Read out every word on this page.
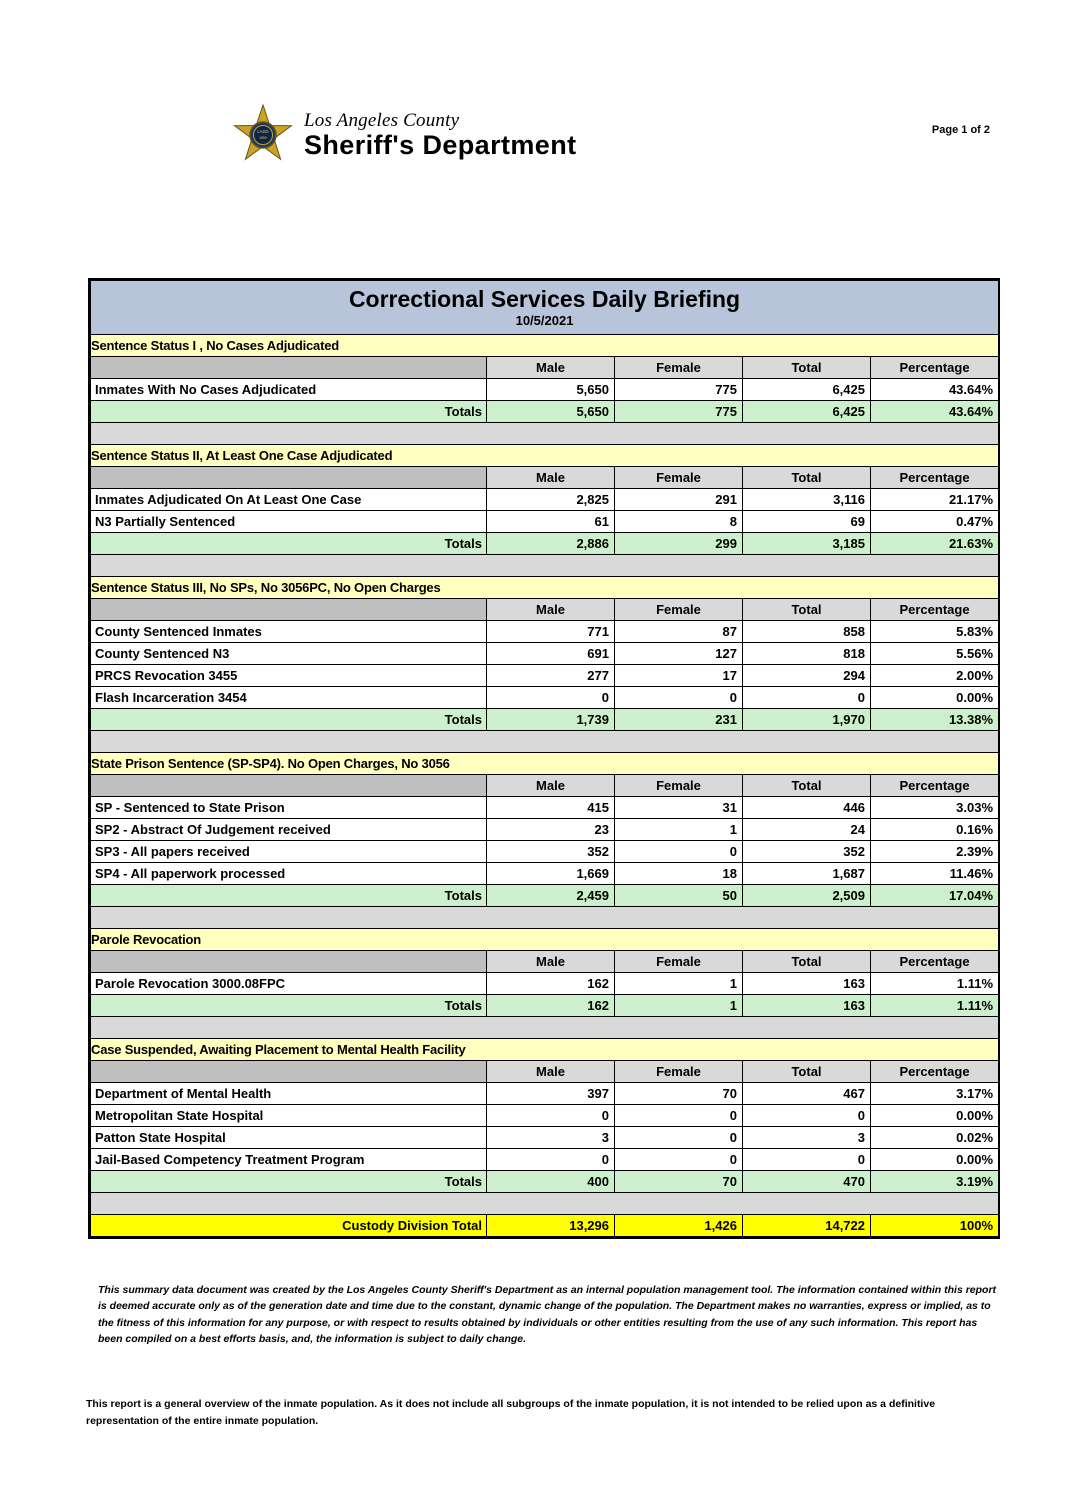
LASD
1850
Los Angeles County
Sheriff's Department	Page 1 of 2
Correctional Services Daily Briefing
10/5/2021				

Sentence Status I , No Cases Adjudicated				
	Male	Female	Total	Percentage
Inmates With No Cases Adjudicated	5,650	775	6,425	43.64%
Totals	5,650	775	6,425	43.64%

Sentence Status II, At Least One Case Adjudicated				
	Male	Female	Total	Percentage
Inmates Adjudicated On At Least One Case	2,825	291	3,116	21.17%
N3 Partially Sentenced	61	8	69	0.47%
Totals	2,886	299	3,185	21.63%

Sentence Status III, No SPs, No 3056PC, No Open Charges				
	Male	Female	Total	Percentage
County Sentenced Inmates	771	87	858	5.83%
County Sentenced N3	691	127	818	5.56%
PRCS Revocation 3455	277	17	294	2.00%
Flash Incarceration 3454	0	0	0	0.00%
Totals	1,739	231	1,970	13.38%

State Prison Sentence (SP-SP4). No Open Charges, No 3056				
	Male	Female	Total	Percentage
SP - Sentenced to State Prison	415	31	446	3.03%
SP2 - Abstract Of Judgement received	23	1	24	0.16%
SP3 - All papers received	352	0	352	2.39%
SP4 - All paperwork processed	1,669	18	1,687	11.46%
Totals	2,459	50	2,509	17.04%

Parole Revocation				
	Male	Female	Total	Percentage
Parole Revocation 3000.08FPC	162	1	163	1.11%
Totals	162	1	163	1.11%

Case Suspended, Awaiting Placement to Mental Health Facility				
	Male	Female	Total	Percentage
Department of Mental Health	397	70	467	3.17%
Metropolitan State Hospital	0	0	0	0.00%
Patton State Hospital	3	0	3	0.02%
Jail-Based Competency Treatment Program	0	0	0	0.00%
Totals	400	70	470	3.19%

Custody Division Total	13,296	1,426	14,722	100%
This summary data document was created by the Los Angeles County Sheriff's Department as an internal population management tool. The information contained within this report is deemed accurate only as of the generation date and time due to the constant, dynamic change of the population. The Department makes no warranties, express or implied, as to the fitness of this information for any purpose, or with respect to results obtained by individuals or other entities resulting from the use of any such information. This report has been compiled on a best efforts basis, and, the information is subject to daily change.
This report is a general overview of the inmate population. As it does not include all subgroups of the inmate population, it is not intended to be relied upon as a definitive representation of the entire inmate population.
